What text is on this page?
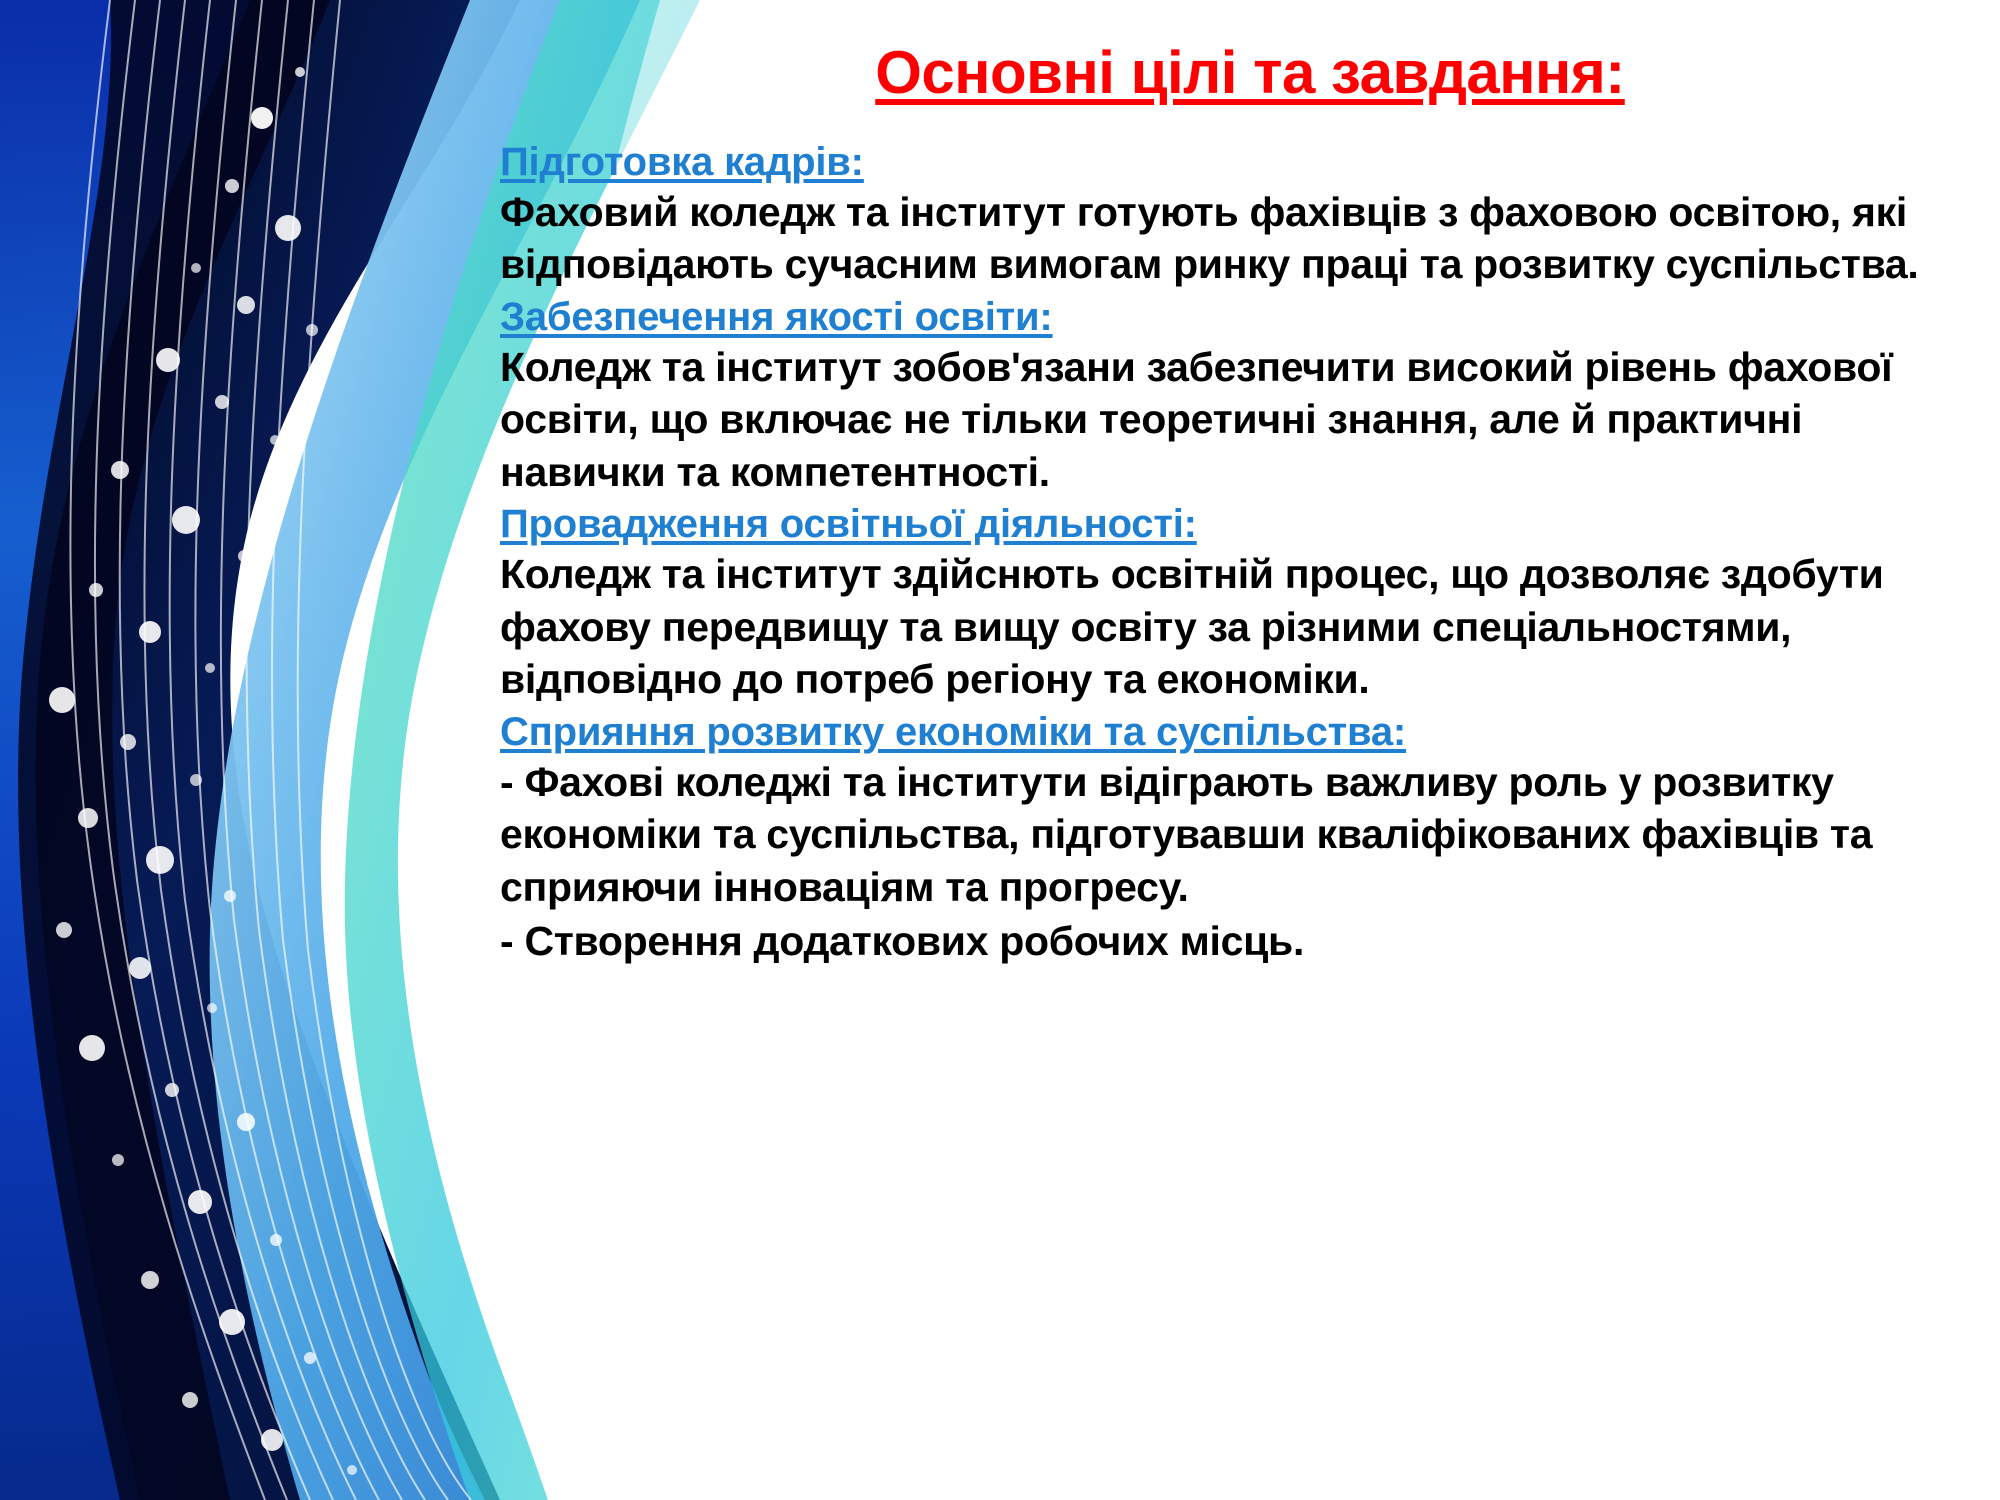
Основні цілі та завдання:
Підготовка кадрів:

Фаховий коледж та інститут готують фахівців з фаховою освітою, які відповідають сучасним вимогам ринку праці та розвитку суспільства.

Забезпечення якості освіти:

Коледж та інститут зобов'язани забезпечити високий рівень фахової освіти, що включає не тільки теоретичні знання, але й практичні навички та компетентності.

Провадження освітньої діяльності:

Коледж та інститут здійснють освітній процес, що дозволяє здобути фахову передвищу та вищу освіту за різними спеціальностями, відповідно до потреб регіону та економіки.

Сприяння розвитку економіки та суспільства:

- Фахові коледжі та інститути відіграють важливу роль у розвитку економіки та суспільства, підготувавши кваліфікованих фахівців та сприяючи інноваціям та прогресу.

- Створення додаткових робочих місць.
